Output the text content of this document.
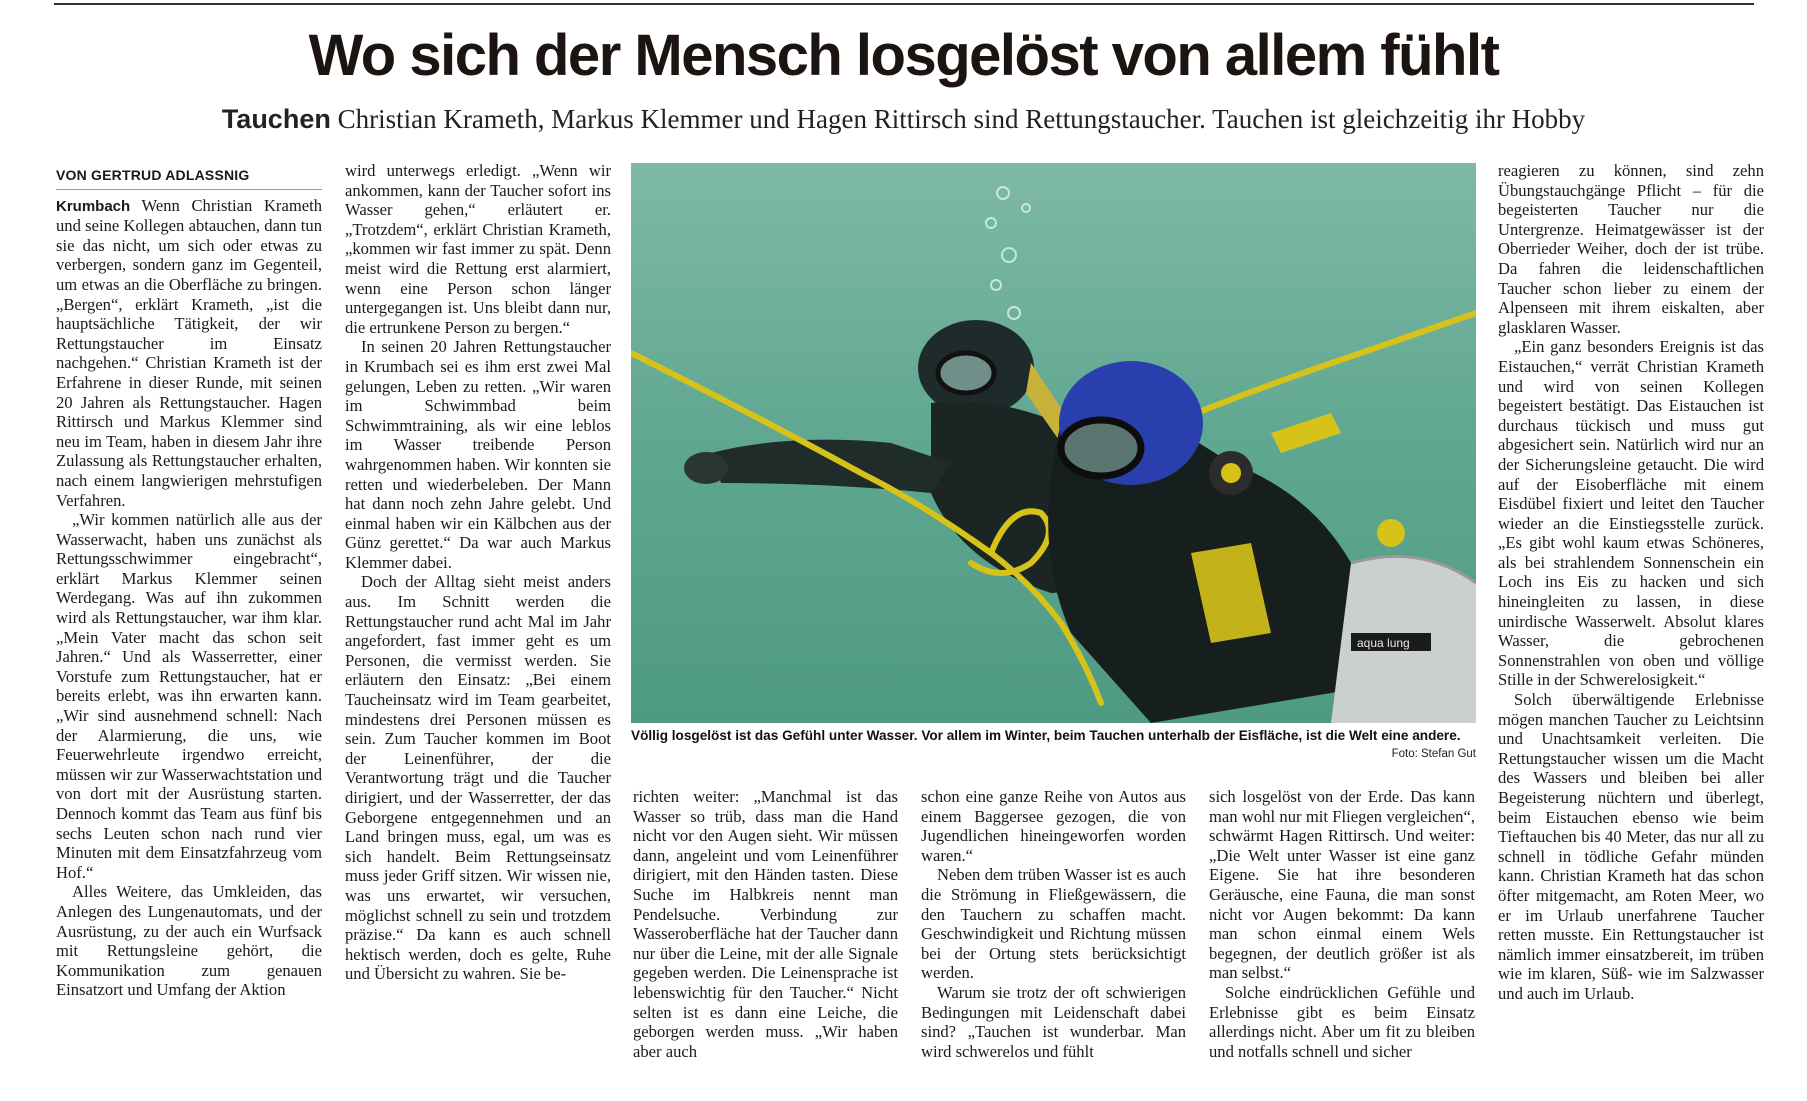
Wo sich der Mensch losgelöst von allem fühlt

Tauchen Christian Krameth, Markus Klemmer und Hagen Rittirsch sind Rettungstaucher. Tauchen ist gleichzeitig ihr Hobby

VON GERTRUD ADLASSNIG

Krumbach Wenn Christian Krameth und seine Kollegen abtauchen, dann tun sie das nicht, um sich oder etwas zu verbergen, sondern ganz im Gegenteil, um etwas an die Oberfläche zu bringen. „Bergen“, erklärt Krameth, „ist die hauptsächliche Tätigkeit, der wir Rettungstaucher im Einsatz nachgehen.“ Christian Krameth ist der Erfahrene in dieser Runde, mit seinen 20 Jahren als Rettungstaucher. Hagen Rittirsch und Markus Klemmer sind neu im Team, haben in diesem Jahr ihre Zulassung als Rettungstaucher erhalten, nach einem langwierigen mehrstufigen Verfahren.

„Wir kommen natürlich alle aus der Wasserwacht, haben uns zunächst als Rettungsschwimmer eingebracht“, erklärt Markus Klemmer seinen Werdegang. Was auf ihn zukommen wird als Rettungstaucher, war ihm klar. „Mein Vater macht das schon seit Jahren.“ Und als Wasserretter, einer Vorstufe zum Rettungstaucher, hat er bereits erlebt, was ihn erwarten kann. „Wir sind ausnehmend schnell: Nach der Alarmierung, die uns, wie Feuerwehrleute irgendwo erreicht, müssen wir zur Wasserwachtstation und von dort mit der Ausrüstung starten. Dennoch kommt das Team aus fünf bis sechs Leuten schon nach rund vier Minuten mit dem Einsatzfahrzeug vom Hof.“

Alles Weitere, das Umkleiden, das Anlegen des Lungenautomats, und der Ausrüstung, zu der auch ein Wurfsack mit Rettungsleine gehört, die Kommunikation zum genauen Einsatzort und Umfang der Aktion

wird unterwegs erledigt. „Wenn wir ankommen, kann der Taucher sofort ins Wasser gehen,“ erläutert er. „Trotzdem“, erklärt Christian Krameth, „kommen wir fast immer zu spät. Denn meist wird die Rettung erst alarmiert, wenn eine Person schon länger untergegangen ist. Uns bleibt dann nur, die ertrunkene Person zu bergen.“

In seinen 20 Jahren Rettungstaucher in Krumbach sei es ihm erst zwei Mal gelungen, Leben zu retten. „Wir waren im Schwimmbad beim Schwimmtraining, als wir eine leblos im Wasser treibende Person wahrgenommen haben. Wir konnten sie retten und wiederbeleben. Der Mann hat dann noch zehn Jahre gelebt. Und einmal haben wir ein Kälbchen aus der Günz gerettet.“ Da war auch Markus Klemmer dabei.

Doch der Alltag sieht meist anders aus. Im Schnitt werden die Rettungstaucher rund acht Mal im Jahr angefordert, fast immer geht es um Personen, die vermisst werden. Sie erläutern den Einsatz: „Bei einem Taucheinsatz wird im Team gearbeitet, mindestens drei Personen müssen es sein. Zum Taucher kommen im Boot der Leinenführer, der die Verantwortung trägt und die Taucher dirigiert, und der Wasserretter, der das Geborgene entgegennehmen und an Land bringen muss, egal, um was es sich handelt. Beim Rettungseinsatz muss jeder Griff sitzen. Wir wissen nie, was uns erwartet, wir versuchen, möglichst schnell zu sein und trotzdem präzise.“ Da kann es auch schnell hektisch werden, doch es gelte, Ruhe und Übersicht zu wahren. Sie be-

aqua lung
Völlig losgelöst ist das Gefühl unter Wasser. Vor allem im Winter, beim Tauchen unterhalb der Eisfläche, ist die Welt eine andere.
Foto: Stefan Gut

richten weiter: „Manchmal ist das Wasser so trüb, dass man die Hand nicht vor den Augen sieht. Wir müssen dann, angeleint und vom Leinenführer dirigiert, mit den Händen tasten. Diese Suche im Halbkreis nennt man Pendelsuche. Verbindung zur Wasseroberfläche hat der Taucher dann nur über die Leine, mit der alle Signale gegeben werden. Die Leinensprache ist lebenswichtig für den Taucher.“ Nicht selten ist es dann eine Leiche, die geborgen werden muss. „Wir haben aber auch

schon eine ganze Reihe von Autos aus einem Baggersee gezogen, die von Jugendlichen hineingeworfen worden waren.“

Neben dem trüben Wasser ist es auch die Strömung in Fließgewässern, die den Tauchern zu schaffen macht. Geschwindigkeit und Richtung müssen bei der Ortung stets berücksichtigt werden.

Warum sie trotz der oft schwierigen Bedingungen mit Leidenschaft dabei sind? „Tauchen ist wunderbar. Man wird schwerelos und fühlt

sich losgelöst von der Erde. Das kann man wohl nur mit Fliegen vergleichen“, schwärmt Hagen Rittirsch. Und weiter: „Die Welt unter Wasser ist eine ganz Eigene. Sie hat ihre besonderen Geräusche, eine Fauna, die man sonst nicht vor Augen bekommt: Da kann man schon einmal einem Wels begegnen, der deutlich größer ist als man selbst.“

Solche eindrücklichen Gefühle und Erlebnisse gibt es beim Einsatz allerdings nicht. Aber um fit zu bleiben und notfalls schnell und sicher

reagieren zu können, sind zehn Übungstauchgänge Pflicht – für die begeisterten Taucher nur die Untergrenze. Heimatgewässer ist der Oberrieder Weiher, doch der ist trübe. Da fahren die leidenschaftlichen Taucher schon lieber zu einem der Alpenseen mit ihrem eiskalten, aber glasklaren Wasser.

„Ein ganz besonders Ereignis ist das Eistauchen,“ verrät Christian Krameth und wird von seinen Kollegen begeistert bestätigt. Das Eistauchen ist durchaus tückisch und muss gut abgesichert sein. Natürlich wird nur an der Sicherungsleine getaucht. Die wird auf der Eisoberfläche mit einem Eisdübel fixiert und leitet den Taucher wieder an die Einstiegsstelle zurück. „Es gibt wohl kaum etwas Schöneres, als bei strahlendem Sonnenschein ein Loch ins Eis zu hacken und sich hineingleiten zu lassen, in diese unirdische Wasserwelt. Absolut klares Wasser, die gebrochenen Sonnenstrahlen von oben und völlige Stille in der Schwerelosigkeit.“

Solch überwältigende Erlebnisse mögen manchen Taucher zu Leichtsinn und Unachtsamkeit verleiten. Die Rettungstaucher wissen um die Macht des Wassers und bleiben bei aller Begeisterung nüchtern und überlegt, beim Eistauchen ebenso wie beim Tieftauchen bis 40 Meter, das nur all zu schnell in tödliche Gefahr münden kann. Christian Krameth hat das schon öfter mitgemacht, am Roten Meer, wo er im Urlaub unerfahrene Taucher retten musste. Ein Rettungstaucher ist nämlich immer einsatzbereit, im trüben wie im klaren, Süß- wie im Salzwasser und auch im Urlaub.
